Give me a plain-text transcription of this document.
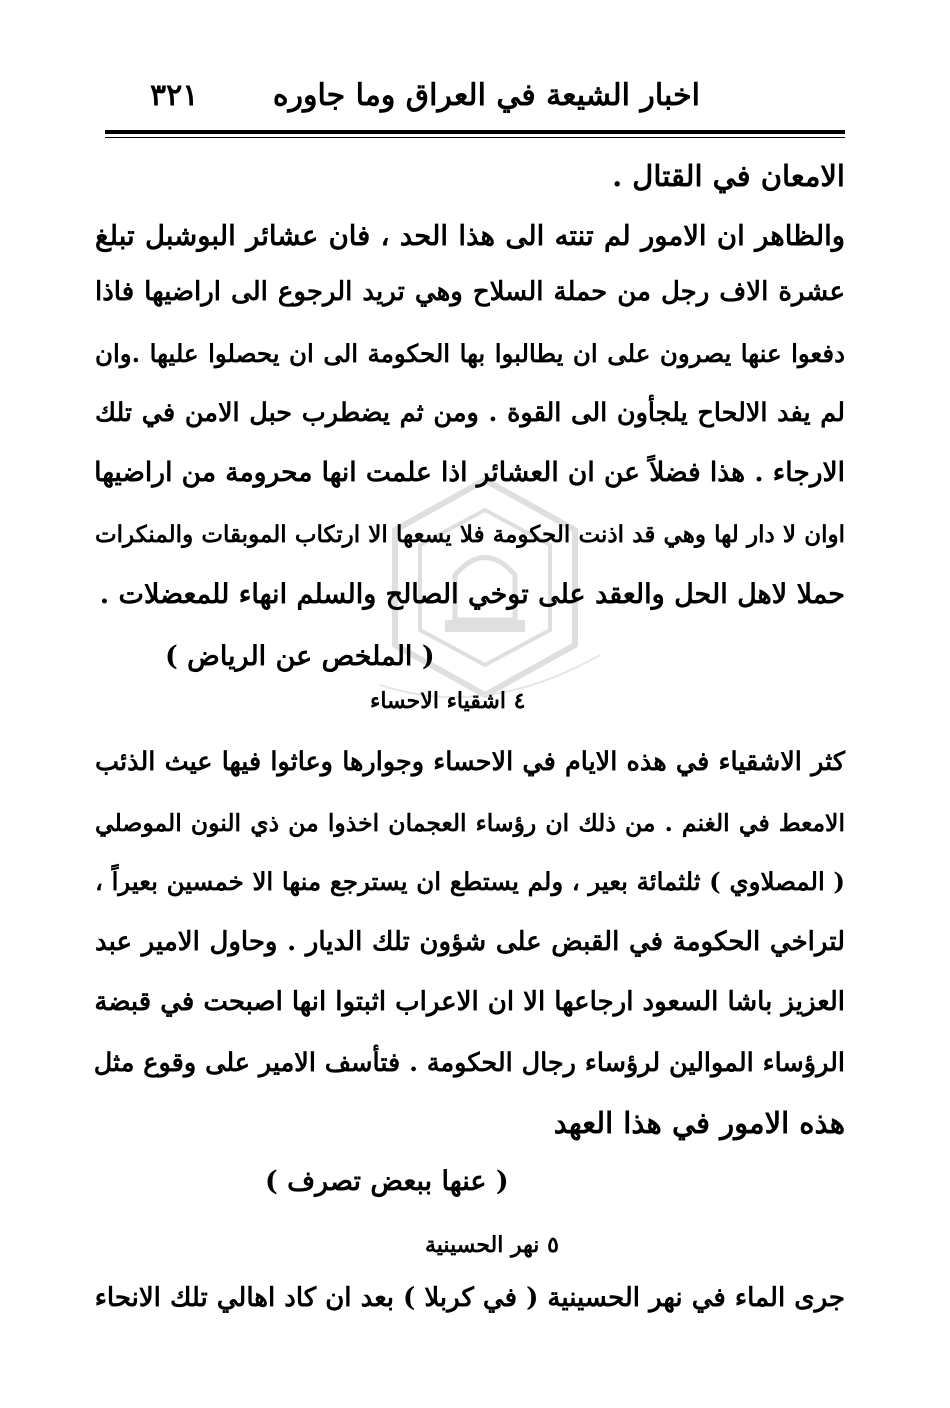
اخبار الشيعة في العراق وما جاوره
٣٢١
الامعان في القتال .
والظاهر ان الامور لم تنته الى هذا الحد ، فان عشائر البوشبل تبلغ
عشرة الاف رجل من حملة السلاح وهي تريد الرجوع الى اراضيها فاذا
دفعوا عنها يصرون على ان يطالبوا بها الحكومة الى ان يحصلوا عليها .وان
لم يفد الالحاح يلجأون الى القوة . ومن ثم يضطرب حبل الامن في تلك
الارجاء . هذا فضلاً عن ان العشائر اذا علمت انها محرومة من اراضيها
اوان لا دار لها وهي قد اذنت الحكومة فلا يسعها الا ارتكاب الموبقات والمنكرات
حملا لاهل الحل والعقد على توخي الصالح والسلم انهاء للمعضلات .
( الملخص عن الرياض )
٤ اشقياء الاحساء
كثر الاشقياء في هذه الايام في الاحساء وجوارها وعاثوا فيها عيث الذئب
الامعط في الغنم . من ذلك ان رؤساء العجمان اخذوا من ذي النون الموصلي
( المصلاوي ) ثلثمائة بعير ، ولم يستطع ان يسترجع منها الا خمسين بعيراً ،
لتراخي الحكومة في القبض على شؤون تلك الديار . وحاول الامير عبد
العزيز باشا السعود ارجاعها الا ان الاعراب اثبتوا انها اصبحت في قبضة
الرؤساء الموالين لرؤساء رجال الحكومة . فتأسف الامير على وقوع مثل
هذه الامور في هذا العهد
( عنها ببعض تصرف )
٥ نهر الحسينية
جرى الماء في نهر الحسينية ( في كربلا ) بعد ان كاد اهالي تلك الانحاء
